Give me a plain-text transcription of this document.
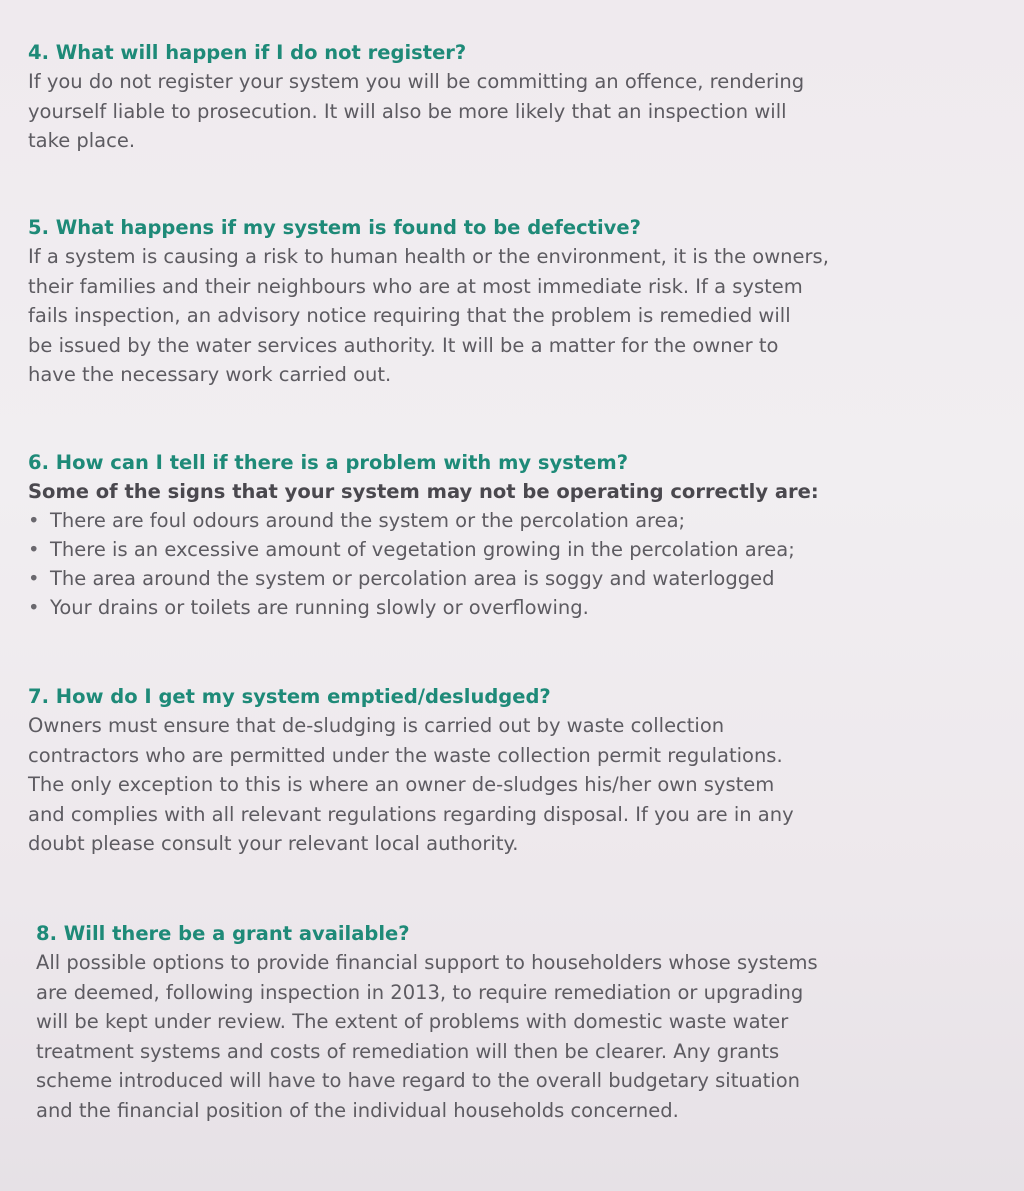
4. What will happen if I do not register?

If you do not register your system you will be committing an offence, rendering
yourself liable to prosecution. It will also be more likely that an inspection will
take place.

5. What happens if my system is found to be defective?

If a system is causing a risk to human health or the environment, it is the owners,
their families and their neighbours who are at most immediate risk. If a system
fails inspection, an advisory notice requiring that the problem is remedied will
be issued by the water services authority. It will be a matter for the owner to
have the necessary work carried out.

6. How can I tell if there is a problem with my system?

Some of the signs that your system may not be operating correctly are:

• There are foul odours around the system or the percolation area;
• There is an excessive amount of vegetation growing in the percolation area;
• The area around the system or percolation area is soggy and waterlogged
• Your drains or toilets are running slowly or overflowing.
7. How do I get my system emptied/desludged?

Owners must ensure that de-sludging is carried out by waste collection
contractors who are permitted under the waste collection permit regulations.
The only exception to this is where an owner de-sludges his/her own system
and complies with all relevant regulations regarding disposal. If you are in any
doubt please consult your relevant local authority.

8. Will there be a grant available?

All possible options to provide financial support to householders whose systems
are deemed, following inspection in 2013, to require remediation or upgrading
will be kept under review. The extent of problems with domestic waste water
treatment systems and costs of remediation will then be clearer. Any grants
scheme introduced will have to have regard to the overall budgetary situation
and the financial position of the individual households concerned.
